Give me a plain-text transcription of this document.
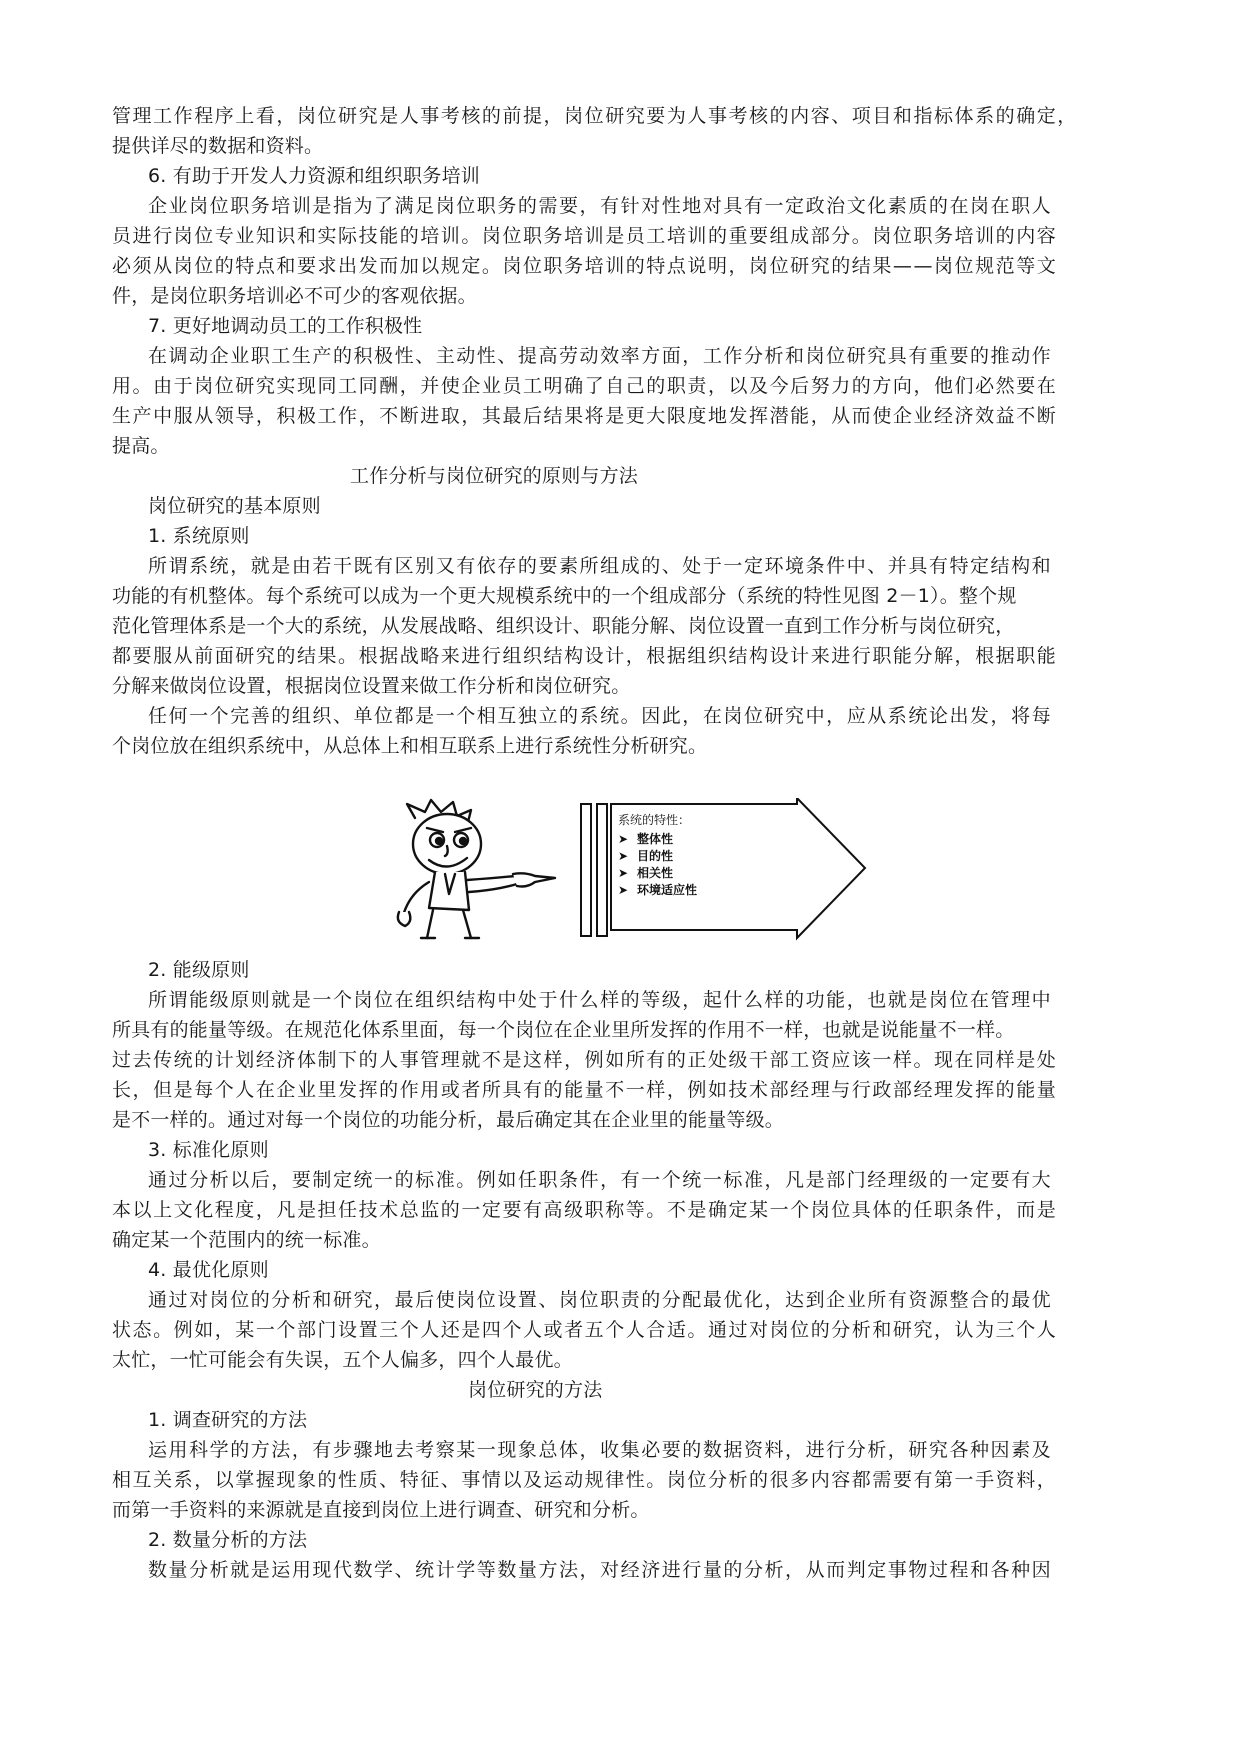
管理工作程序上看，岗位研究是人事考核的前提，岗位研究要为人事考核的内容、项目和指标体系的确定，

提供详尽的数据和资料。

6. 有助于开发人力资源和组织职务培训

企业岗位职务培训是指为了满足岗位职务的需要，有针对性地对具有一定政治文化素质的在岗在职人

员进行岗位专业知识和实际技能的培训。岗位职务培训是员工培训的重要组成部分。岗位职务培训的内容

必须从岗位的特点和要求出发而加以规定。岗位职务培训的特点说明，岗位研究的结果——岗位规范等文

件，是岗位职务培训必不可少的客观依据。

7. 更好地调动员工的工作积极性

在调动企业职工生产的积极性、主动性、提高劳动效率方面，工作分析和岗位研究具有重要的推动作

用。由于岗位研究实现同工同酬，并使企业员工明确了自己的职责，以及今后努力的方向，他们必然要在

生产中服从领导，积极工作，不断进取，其最后结果将是更大限度地发挥潜能，从而使企业经济效益不断

提高。

工作分析与岗位研究的原则与方法

岗位研究的基本原则

1. 系统原则

所谓系统，就是由若干既有区别又有依存的要素所组成的、处于一定环境条件中、并具有特定结构和

功能的有机整体。每个系统可以成为一个更大规模系统中的一个组成部分（系统的特性见图 2－1）。整个规

范化管理体系是一个大的系统，从发展战略、组织设计、职能分解、岗位设置一直到工作分析与岗位研究，

都要服从前面研究的结果。根据战略来进行组织结构设计，根据组织结构设计来进行职能分解，根据职能

分解来做岗位设置，根据岗位设置来做工作分析和岗位研究。

任何一个完善的组织、单位都是一个相互独立的系统。因此，在岗位研究中，应从系统论出发，将每

个岗位放在组织系统中，从总体上和相互联系上进行系统性分析研究。

系统的特性：
➤ 整体性
➤ 目的性
➤ 相关性
➤ 环境适应性

2. 能级原则

所谓能级原则就是一个岗位在组织结构中处于什么样的等级，起什么样的功能，也就是岗位在管理中

所具有的能量等级。在规范化体系里面，每一个岗位在企业里所发挥的作用不一样，也就是说能量不一样。

过去传统的计划经济体制下的人事管理就不是这样，例如所有的正处级干部工资应该一样。现在同样是处

长，但是每个人在企业里发挥的作用或者所具有的能量不一样，例如技术部经理与行政部经理发挥的能量

是不一样的。通过对每一个岗位的功能分析，最后确定其在企业里的能量等级。

3. 标准化原则

通过分析以后，要制定统一的标准。例如任职条件，有一个统一标准，凡是部门经理级的一定要有大

本以上文化程度，凡是担任技术总监的一定要有高级职称等。不是确定某一个岗位具体的任职条件，而是

确定某一个范围内的统一标准。

4. 最优化原则

通过对岗位的分析和研究，最后使岗位设置、岗位职责的分配最优化，达到企业所有资源整合的最优

状态。例如，某一个部门设置三个人还是四个人或者五个人合适。通过对岗位的分析和研究，认为三个人

太忙，一忙可能会有失误，五个人偏多，四个人最优。

岗位研究的方法

1. 调查研究的方法

运用科学的方法，有步骤地去考察某一现象总体，收集必要的数据资料，进行分析，研究各种因素及

相互关系，以掌握现象的性质、特征、事情以及运动规律性。岗位分析的很多内容都需要有第一手资料，

而第一手资料的来源就是直接到岗位上进行调查、研究和分析。

2. 数量分析的方法

数量分析就是运用现代数学、统计学等数量方法，对经济进行量的分析，从而判定事物过程和各种因
